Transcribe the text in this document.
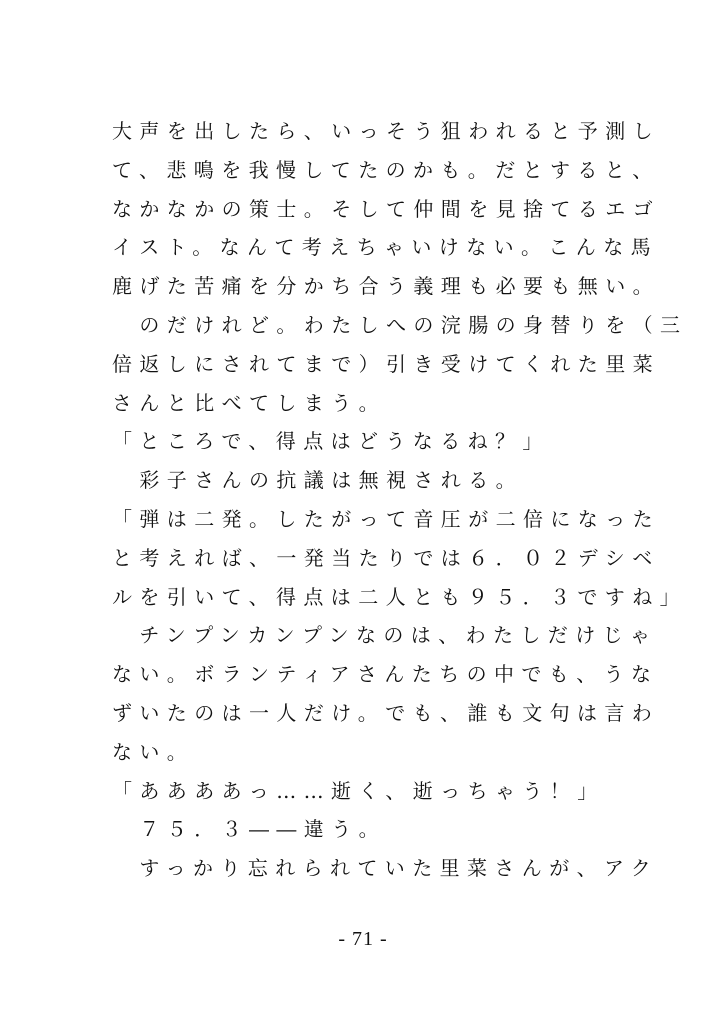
大声を出したら、いっそう狙われると予測し
て、悲鳴を我慢してたのかも。だとすると、
なかなかの策士。そして仲間を見捨てるエゴ
イスト。なんて考えちゃいけない。こんな馬
鹿げた苦痛を分かち合う義理も必要も無い。
　のだけれど。わたしへの浣腸の身替りを（三
倍返しにされてまで）引き受けてくれた里菜
さんと比べてしまう。
「ところで、得点はどうなるね？」
　彩子さんの抗議は無視される。
「弾は二発。したがって音圧が二倍になった
と考えれば、一発当たりでは６．０２デシベ
ルを引いて、得点は二人とも９５．３ですね」
　チンプンカンプンなのは、わたしだけじゃ
ない。ボランティアさんたちの中でも、うな
ずいたのは一人だけ。でも、誰も文句は言わ
ない。
「ああああっ……逝く、逝っちゃう！」
　７５．３――違う。
　すっかり忘れられていた里菜さんが、アク
- 71 -
